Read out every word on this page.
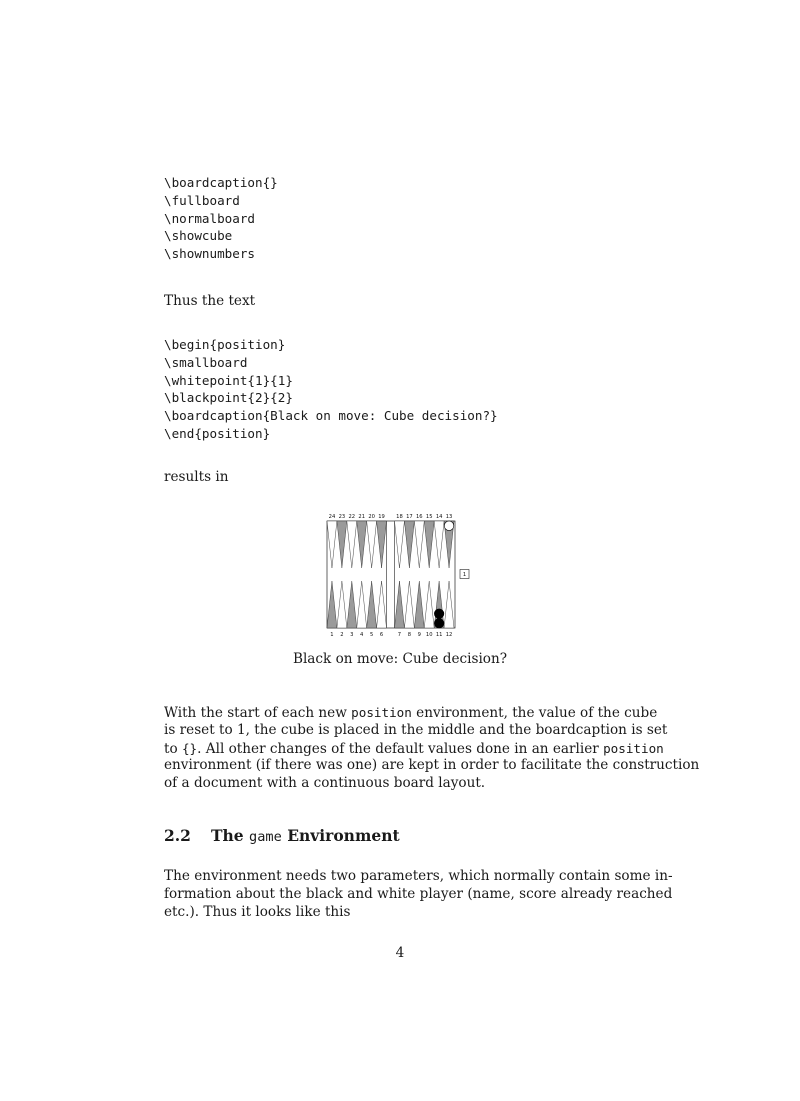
\boardcaption{}
\fullboard
\normalboard
\showcube
\shownumbers
Thus the text
\begin{position}
\smallboard
\whitepoint{1}{1}
\blackpoint{2}{2}
\boardcaption{Black on move: Cube decision?}
\end{position}
results in
24 23 22 21 20 19 18 17 16 15 14 13
1
1 2 3 4 5 6	7 8 9 10 11 12
Black on move: Cube decision?
With the start of each new position environment, the value of the cube
is reset to 1, the cube is placed in the middle and the boardcaption is set
to {}. All other changes of the default values done in an earlier position
environment (if there was one) are kept in order to facilitate the construction
of a document with a continuous board layout.
2.2 The game Environment
The environment needs two parameters, which normally contain some in-
formation about the black and white player (name, score already reached
etc.). Thus it looks like this
4
